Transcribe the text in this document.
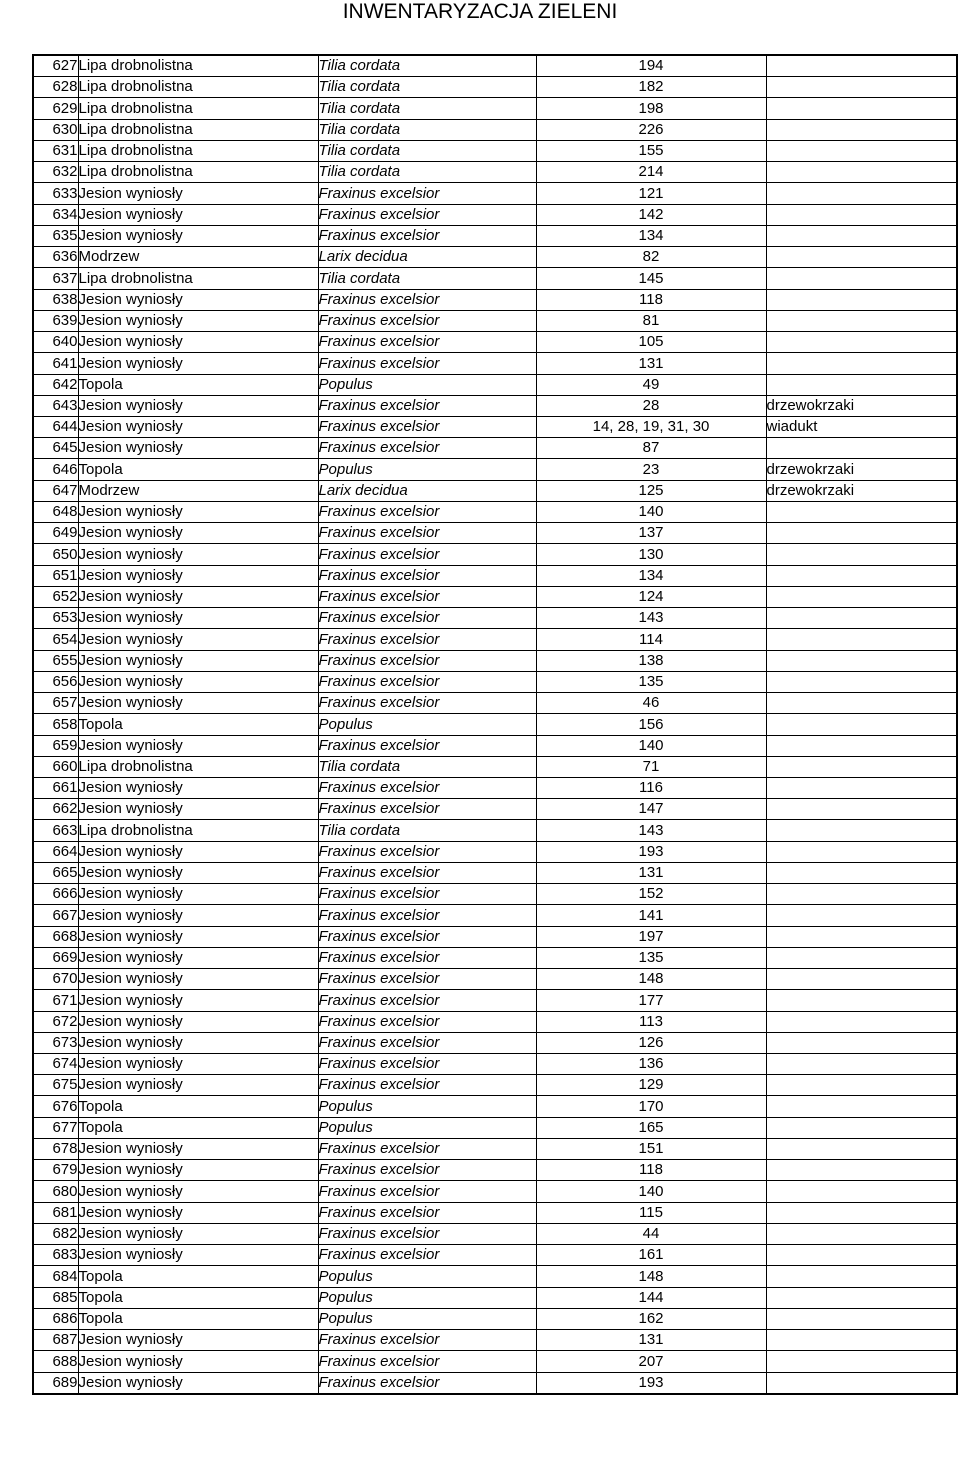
INWENTARYZACJA ZIELENI
627	Lipa drobnolistna	Tilia cordata	194	
628	Lipa drobnolistna	Tilia cordata	182	
629	Lipa drobnolistna	Tilia cordata	198	
630	Lipa drobnolistna	Tilia cordata	226	
631	Lipa drobnolistna	Tilia cordata	155	
632	Lipa drobnolistna	Tilia cordata	214	
633	Jesion wyniosły	Fraxinus excelsior	121	
634	Jesion wyniosły	Fraxinus excelsior	142	
635	Jesion wyniosły	Fraxinus excelsior	134	
636	Modrzew	Larix decidua	82	
637	Lipa drobnolistna	Tilia cordata	145	
638	Jesion wyniosły	Fraxinus excelsior	118	
639	Jesion wyniosły	Fraxinus excelsior	81	
640	Jesion wyniosły	Fraxinus excelsior	105	
641	Jesion wyniosły	Fraxinus excelsior	131	
642	Topola	Populus	49	
643	Jesion wyniosły	Fraxinus excelsior	28	drzewokrzaki
644	Jesion wyniosły	Fraxinus excelsior	14, 28, 19, 31, 30	wiadukt
645	Jesion wyniosły	Fraxinus excelsior	87	
646	Topola	Populus	23	drzewokrzaki
647	Modrzew	Larix decidua	125	drzewokrzaki
648	Jesion wyniosły	Fraxinus excelsior	140	
649	Jesion wyniosły	Fraxinus excelsior	137	
650	Jesion wyniosły	Fraxinus excelsior	130	
651	Jesion wyniosły	Fraxinus excelsior	134	
652	Jesion wyniosły	Fraxinus excelsior	124	
653	Jesion wyniosły	Fraxinus excelsior	143	
654	Jesion wyniosły	Fraxinus excelsior	114	
655	Jesion wyniosły	Fraxinus excelsior	138	
656	Jesion wyniosły	Fraxinus excelsior	135	
657	Jesion wyniosły	Fraxinus excelsior	46	
658	Topola	Populus	156	
659	Jesion wyniosły	Fraxinus excelsior	140	
660	Lipa drobnolistna	Tilia cordata	71	
661	Jesion wyniosły	Fraxinus excelsior	116	
662	Jesion wyniosły	Fraxinus excelsior	147	
663	Lipa drobnolistna	Tilia cordata	143	
664	Jesion wyniosły	Fraxinus excelsior	193	
665	Jesion wyniosły	Fraxinus excelsior	131	
666	Jesion wyniosły	Fraxinus excelsior	152	
667	Jesion wyniosły	Fraxinus excelsior	141	
668	Jesion wyniosły	Fraxinus excelsior	197	
669	Jesion wyniosły	Fraxinus excelsior	135	
670	Jesion wyniosły	Fraxinus excelsior	148	
671	Jesion wyniosły	Fraxinus excelsior	177	
672	Jesion wyniosły	Fraxinus excelsior	113	
673	Jesion wyniosły	Fraxinus excelsior	126	
674	Jesion wyniosły	Fraxinus excelsior	136	
675	Jesion wyniosły	Fraxinus excelsior	129	
676	Topola	Populus	170	
677	Topola	Populus	165	
678	Jesion wyniosły	Fraxinus excelsior	151	
679	Jesion wyniosły	Fraxinus excelsior	118	
680	Jesion wyniosły	Fraxinus excelsior	140	
681	Jesion wyniosły	Fraxinus excelsior	115	
682	Jesion wyniosły	Fraxinus excelsior	44	
683	Jesion wyniosły	Fraxinus excelsior	161	
684	Topola	Populus	148	
685	Topola	Populus	144	
686	Topola	Populus	162	
687	Jesion wyniosły	Fraxinus excelsior	131	
688	Jesion wyniosły	Fraxinus excelsior	207	
689	Jesion wyniosły	Fraxinus excelsior	193	
